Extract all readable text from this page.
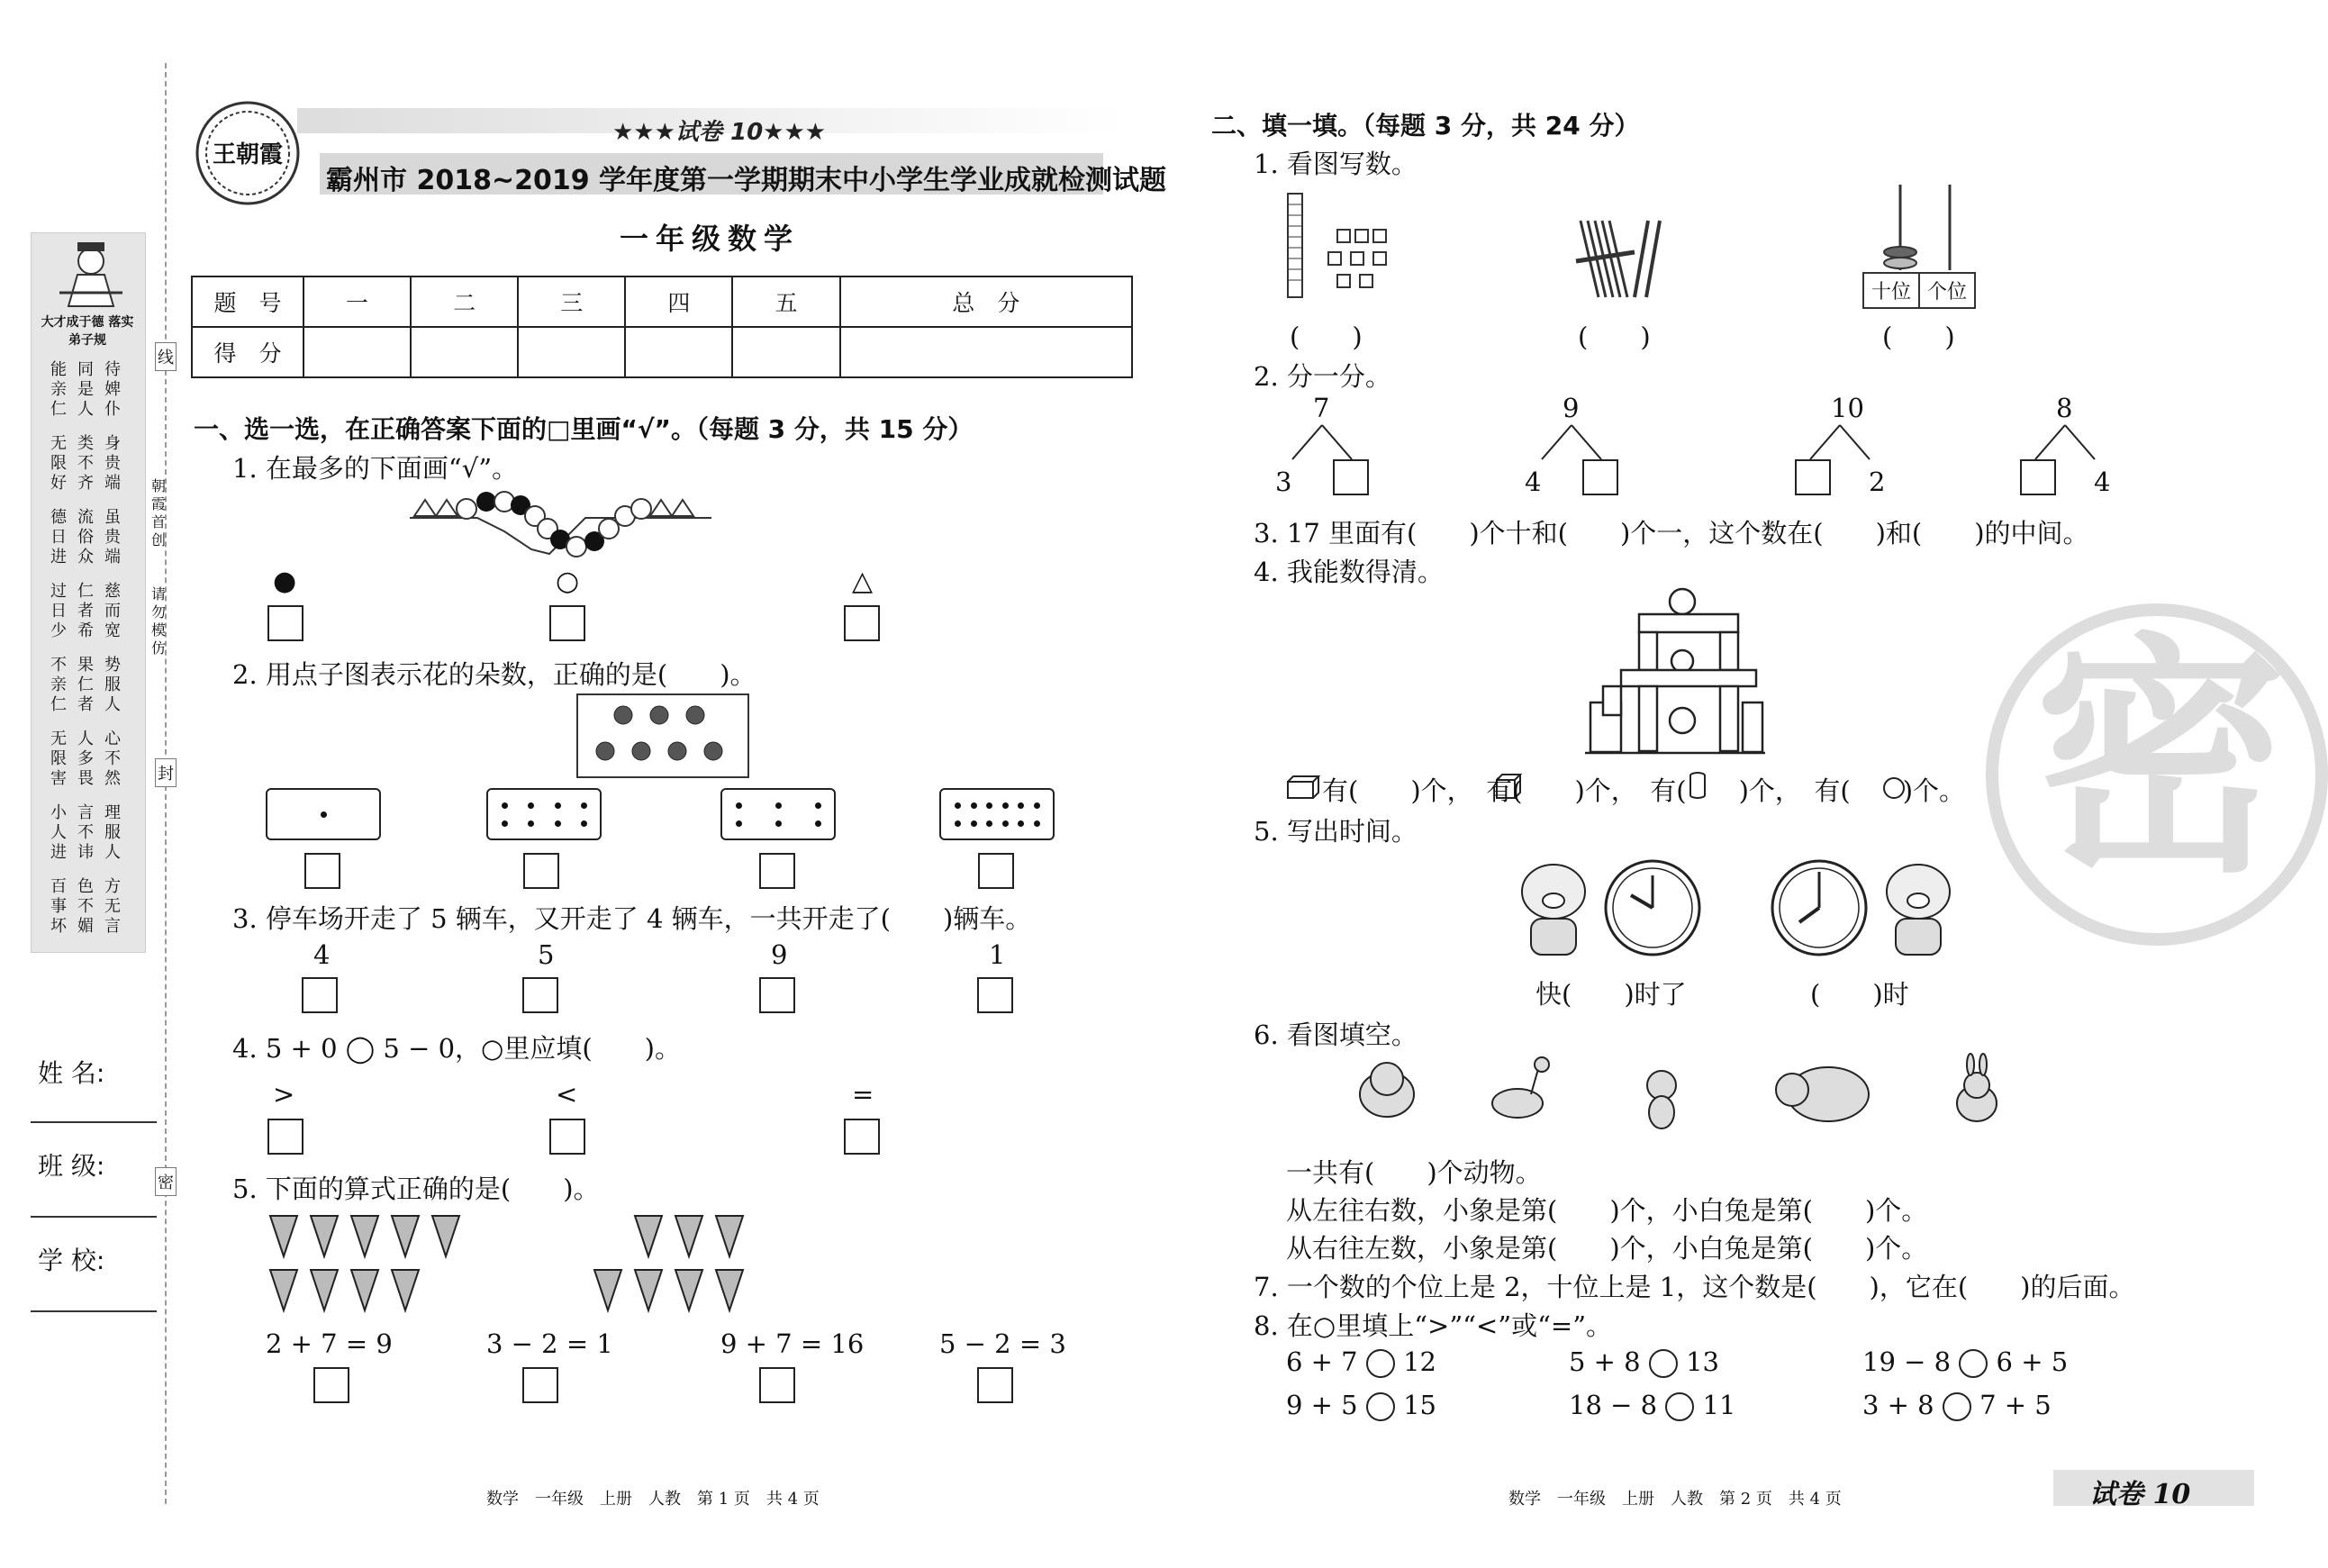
大才成于德 落实弟子规
能亲仁
同是人
待婢仆
无限好
类不齐
身贵端
德日进
流俗众
虽贵端
过日少
仁者希
慈而宽
不亲仁
果仁者
势服人
无限害
人多畏
心不然
小人进
言不讳
理服人
百事坏
色不媚
方无言
线
封
密
朝霞首创
请勿模仿
姓 名:
班 级:
学 校:
王朝霞
★★★试卷 10★★★
霸州市 2018~2019 学年度第一学期期末中小学生学业成就检测试题
一年级数学
题　号	一	二	三	四	五	总　分
得　分						
一、选一选，在正确答案下面的□里画“√”。（每题 3 分，共 15 分）
1. 在最多的下面画“√”。
●	○	△
2. 用点子图表示花的朵数，正确的是(　　)。
3. 停车场开走了 5 辆车，又开走了 4 辆车，一共开走了(　　)辆车。
4	5	9	1
4. 5 + 0 ◯ 5 − 0，○里应填(　　)。
>	<	=
5. 下面的算式正确的是(　　)。
2 + 7 = 9	3 − 2 = 1	9 + 7 = 16	5 − 2 = 3
数学　一年级　上册　人教　第 1 页　共 4 页
密
二、填一填。（每题 3 分，共 24 分）
1. 看图写数。
十位 个位
(　　)	(　　)	(　　)
2. 分一分。
7
3
9
4
10
2
8
4
3. 17 里面有(　　)个十和(　　)个一，这个数在(　　)和(　　)的中间。
4. 我能数得清。
有(　　)个，　有(　　)个，　有(　　)个，　有(　　)个。
5. 写出时间。
快(　　)时了	(　　)时
6. 看图填空。
一共有(　　)个动物。
从左往右数，小象是第(　　)个，小白兔是第(　　)个。
从右往左数，小象是第(　　)个，小白兔是第(　　)个。
7. 一个数的个位上是 2，十位上是 1，这个数是(　　)，它在(　　)的后面。
8. 在○里填上“>”“<”或“=”。
6 + 7  12	5 + 8  13	19 − 8  6 + 5
9 + 5  15	18 − 8  11	3 + 8  7 + 5
数学　一年级　上册　人教　第 2 页　共 4 页	试卷 10
